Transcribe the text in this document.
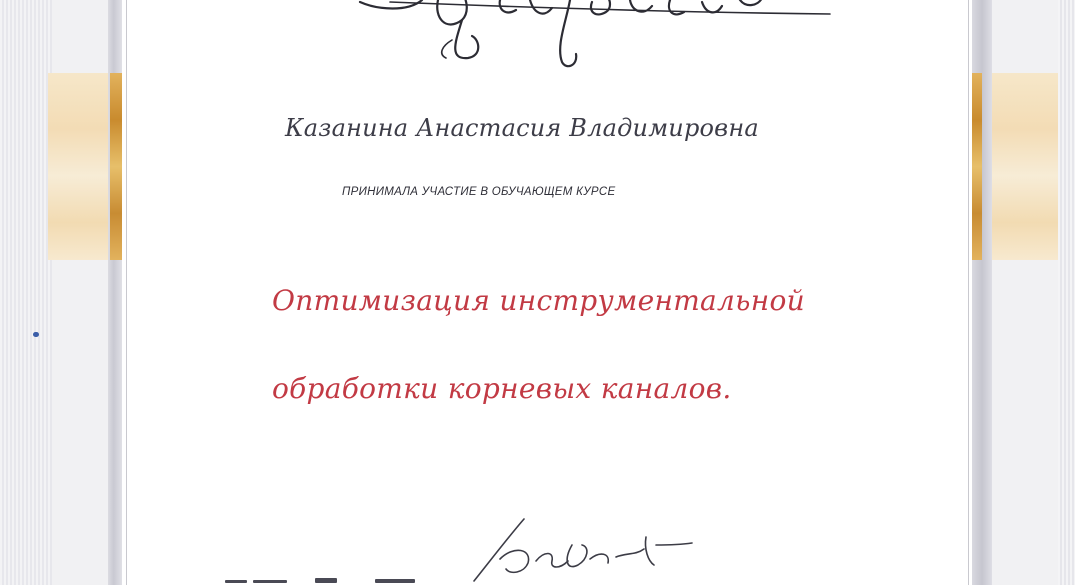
Казанина Анастасия Владимировна
ПРИНИМАЛА УЧАСТИЕ В ОБУЧАЮЩЕМ КУРСЕ
Оптимизация инструментальной
обработки корневых каналов.
